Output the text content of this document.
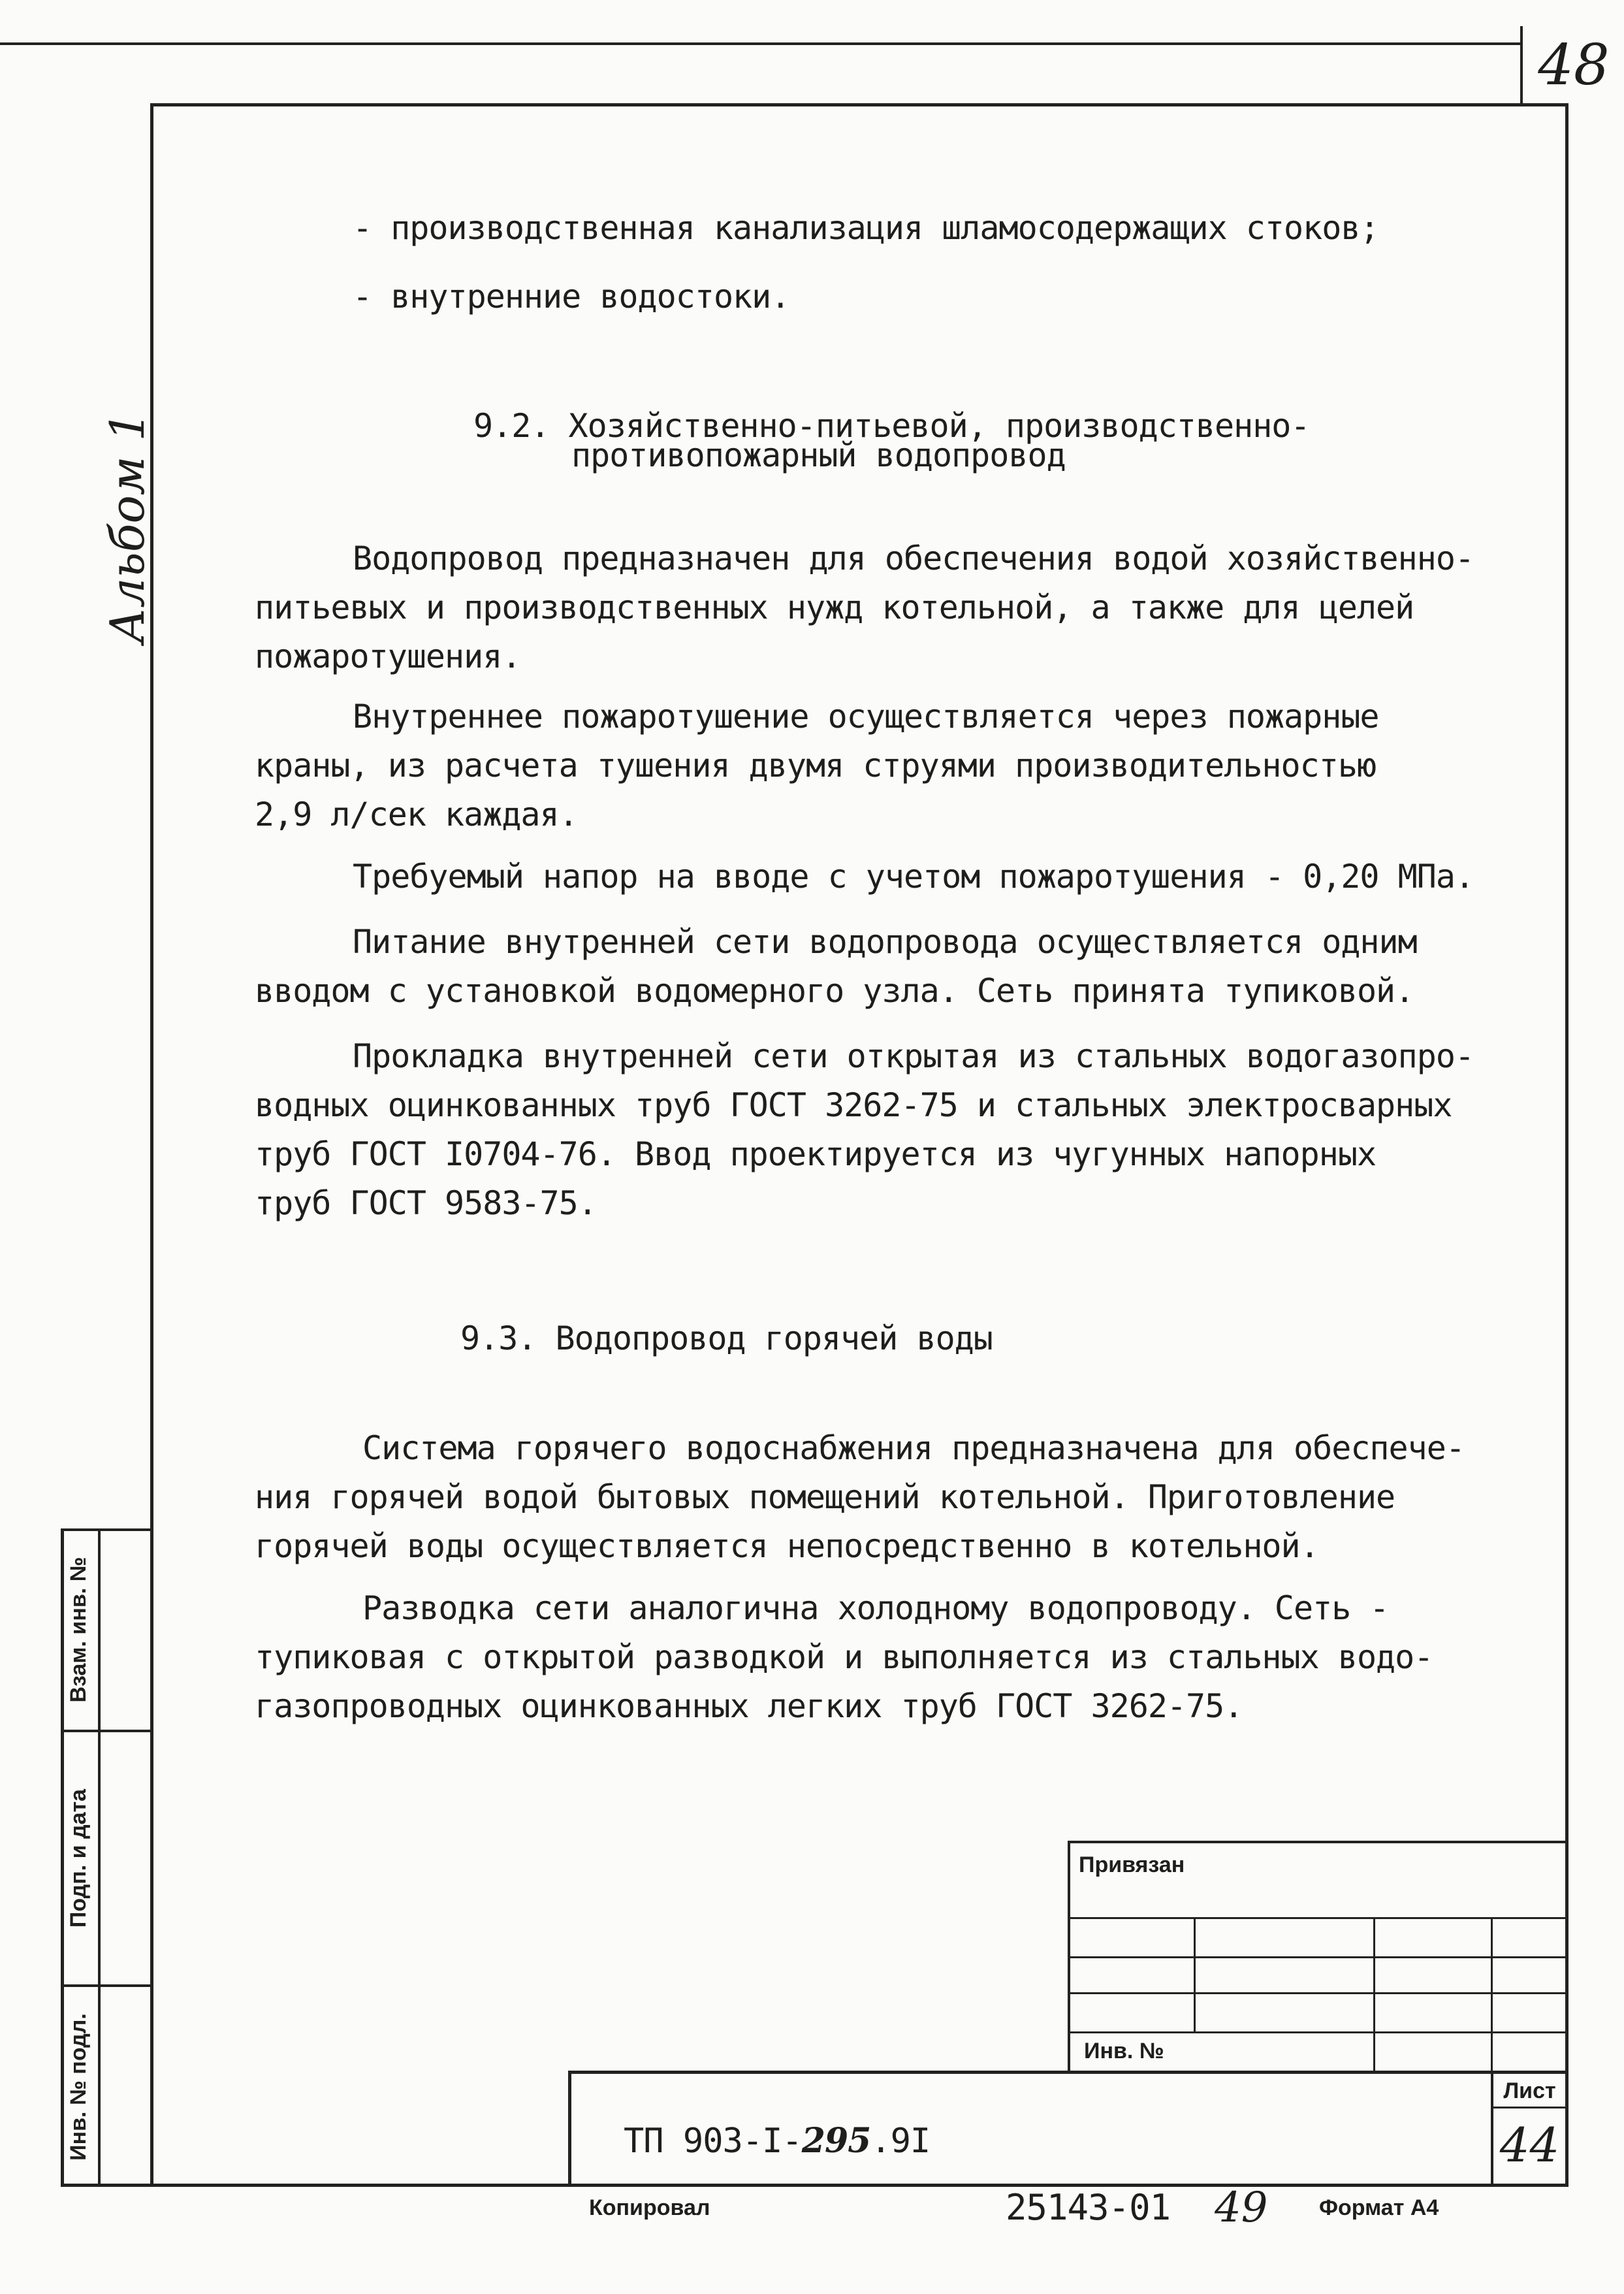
48
Альбом 1
- производственная канализация шламосодержащих стоков;
- внутренние водостоки.
9.2. Хозяйственно-питьевой, производственно-
противопожарный водопровод
Водопровод предназначен для обеспечения водой хозяйственно-
питьевых и производственных нужд котельной, а также для целей
пожаротушения.
Внутреннее пожаротушение осуществляется через пожарные
краны, из расчета тушения двумя струями производительностью
2,9 л/сек каждая.
Требуемый напор на вводе с учетом пожаротушения - 0,20 МПа.
Питание внутренней сети водопровода осуществляется одним
вводом с установкой водомерного узла. Сеть принята тупиковой.
Прокладка внутренней сети открытая из стальных водогазопро-
водных оцинкованных труб ГОСТ 3262-75 и стальных электросварных
труб ГОСТ I0704-76. Ввод проектируется из чугунных напорных
труб ГОСТ 9583-75.
9.3. Водопровод горячей воды
Система горячего водоснабжения предназначена для обеспече-
ния горячей водой бытовых помещений котельной. Приготовление
горячей воды осуществляется непосредственно в котельной.
Разводка сети аналогична холодному водопроводу. Сеть -
тупиковая с открытой разводкой и выполняется из стальных водо-
газопроводных оцинкованных легких труб ГОСТ 3262-75.
Взам. инв. №
Подп. и дата
Инв. № подл.
Привязан
Инв. №
ТП 903-I-295.9I
Лист
44
Копировал	25143-01 49 Формат А4
